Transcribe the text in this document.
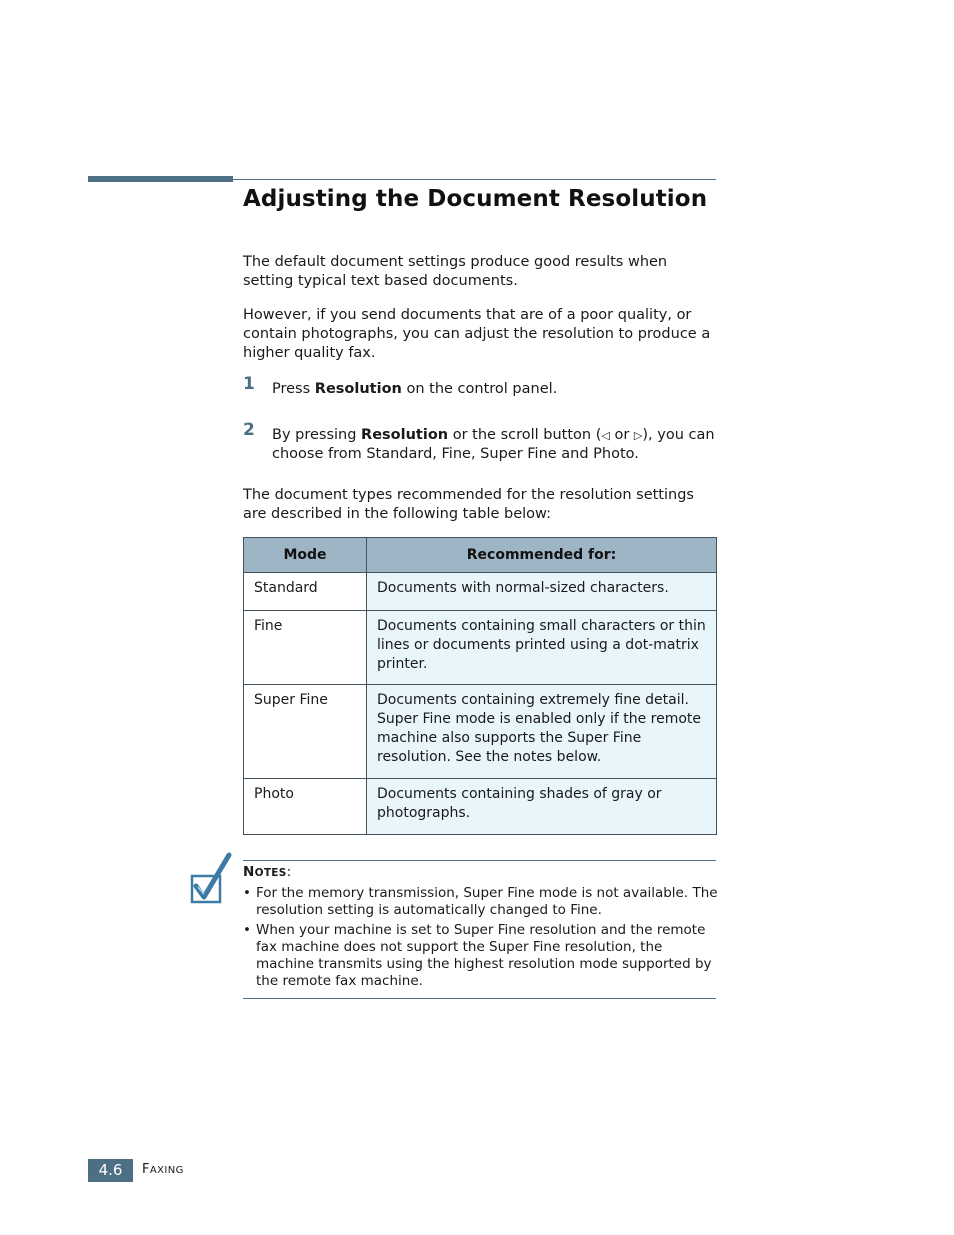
Adjusting the Document Resolution

The default document settings produce good results when setting typical text based documents.

However, if you send documents that are of a poor quality, or contain photographs, you can adjust the resolution to produce a higher quality fax.

1 Press Resolution on the control panel.
2 By pressing Resolution or the scroll button (◁ or ▷), you can choose from Standard, Fine, Super Fine and Photo.

The document types recommended for the resolution settings are described in the following table below:

Mode	Recommended for:
Standard	Documents with normal-sized characters.
Fine	Documents containing small characters or thin lines or documents printed using a dot-matrix printer.
Super Fine	Documents containing extremely fine detail. Super Fine mode is enabled only if the remote machine also supports the Super Fine resolution. See the notes below.
Photo	Documents containing shades of gray or photographs.
NOTES:
• For the memory transmission, Super Fine mode is not available. The resolution setting is automatically changed to Fine.
• When your machine is set to Super Fine resolution and the remote fax machine does not support the Super Fine resolution, the machine transmits using the highest resolution mode supported by the remote fax machine.
4.6	FAXING
